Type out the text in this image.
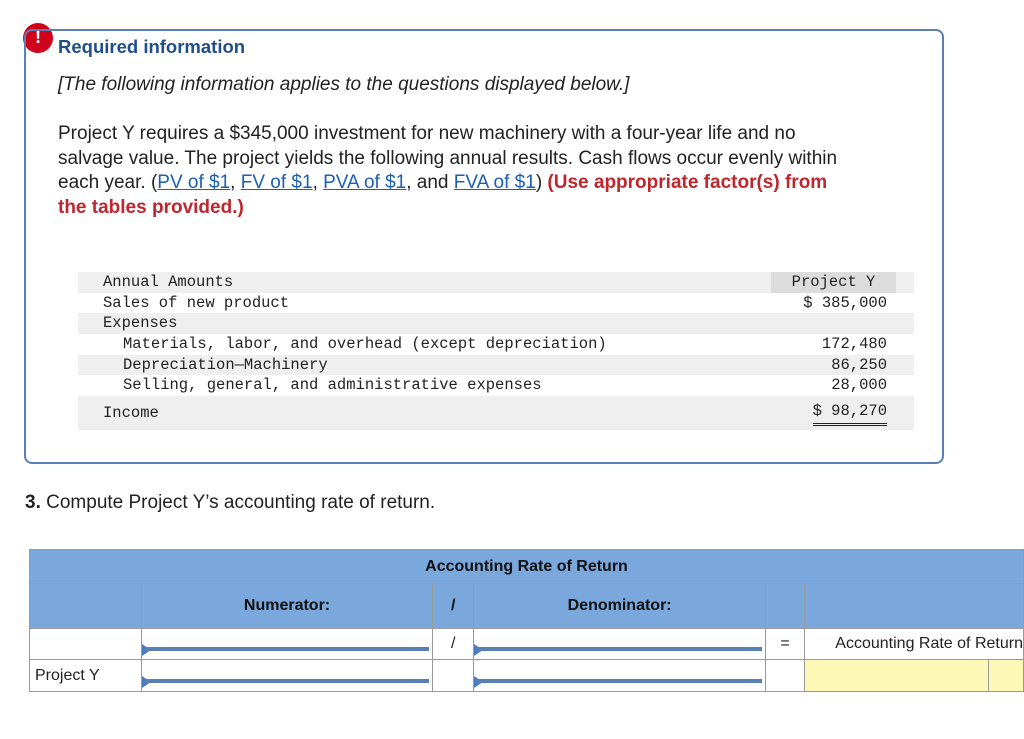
! Required information
[The following information applies to the questions displayed below.]
Project Y requires a $345,000 investment for new machinery with a four-year life and no salvage value. The project yields the following annual results. Cash flows occur evenly within each year. (PV of $1, FV of $1, PVA of $1, and FVA of $1) (Use appropriate factor(s) from the tables provided.)
Annual Amounts	Project Y
Sales of new product	$ 385,000
Expenses
Materials, labor, and overhead (except depreciation)	172,480
Depreciation—Machinery	86,250
Selling, general, and administrative expenses	28,000
Income	$ 98,270
3. Compute Project Y’s accounting rate of return.
Accounting Rate of Return						
	Numerator:	/	Denominator:			

	/		=	Accounting Rate of Return	
Project Y	
